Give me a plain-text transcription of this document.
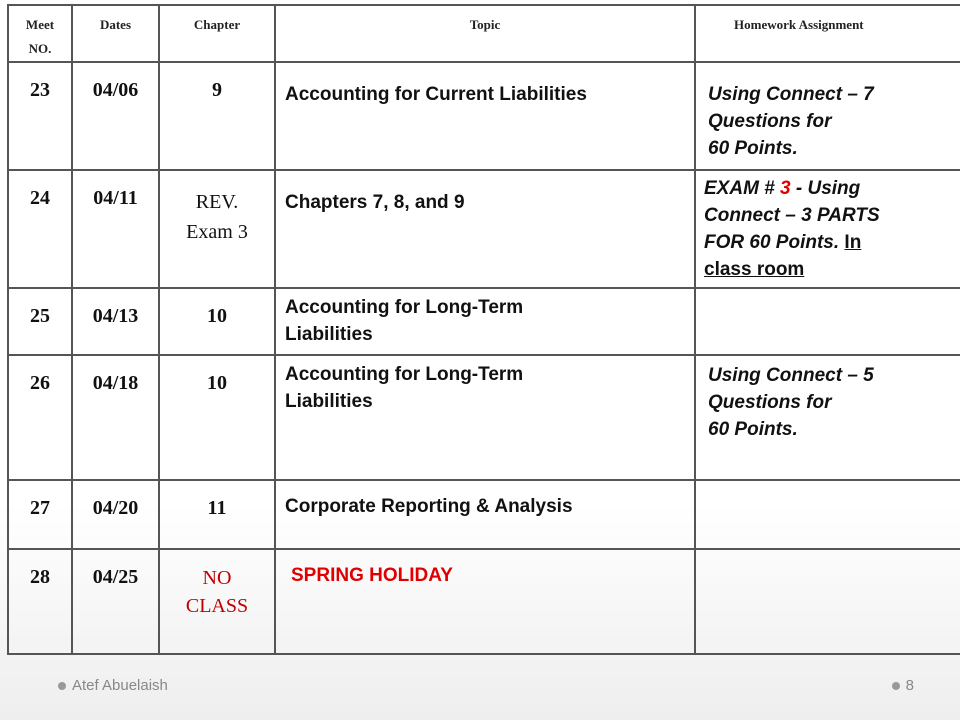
Meet
NO.	Dates	Chapter	Topic	Homework Assignment
23	04/06	9	Accounting for Current Liabilities	Using Connect – 7
Questions for
60 Points.
24	04/11	REV.
Exam 3	Chapters 7, 8, and 9	EXAM # 3 - Using
Connect – 3 PARTS
FOR 60 Points. In
class room
25	04/13	10	Accounting for Long-Term
Liabilities	
26	04/18	10	Accounting for Long-Term
Liabilities	Using Connect – 5
Questions for
60 Points.
27	04/20	11	Corporate Reporting & Analysis	
28	04/25	NO
CLASS	SPRING HOLIDAY	
Atef Abuelaish	8
